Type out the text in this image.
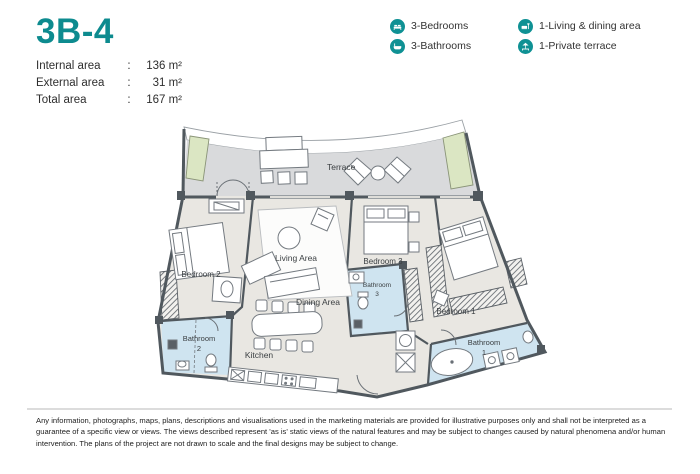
3B-4
Internal area	:	136 m²
External area	:	31 m²
Total area	:	167 m²
3-Bedrooms
3-Bathrooms
1-Living & dining area
1-Private terrace
Terrace
Bedroom 2
Living Area	Bedroom 3
Dining Area
Kitchen
Bedroom 1
Bathroom
2
Bathroom
3
Bathroom
1
Any information, photographs, maps, plans, descriptions and visualisations used in the marketing materials are provided for illustrative purposes only and shall not be interpreted as a guarantee of a specific view or views. The views described represent 'as is' static views of the natural features and may be subject to changes caused by natural phenomena and/or human intervention. The plans of the project are not drawn to scale and the final designs may be subject to change.
